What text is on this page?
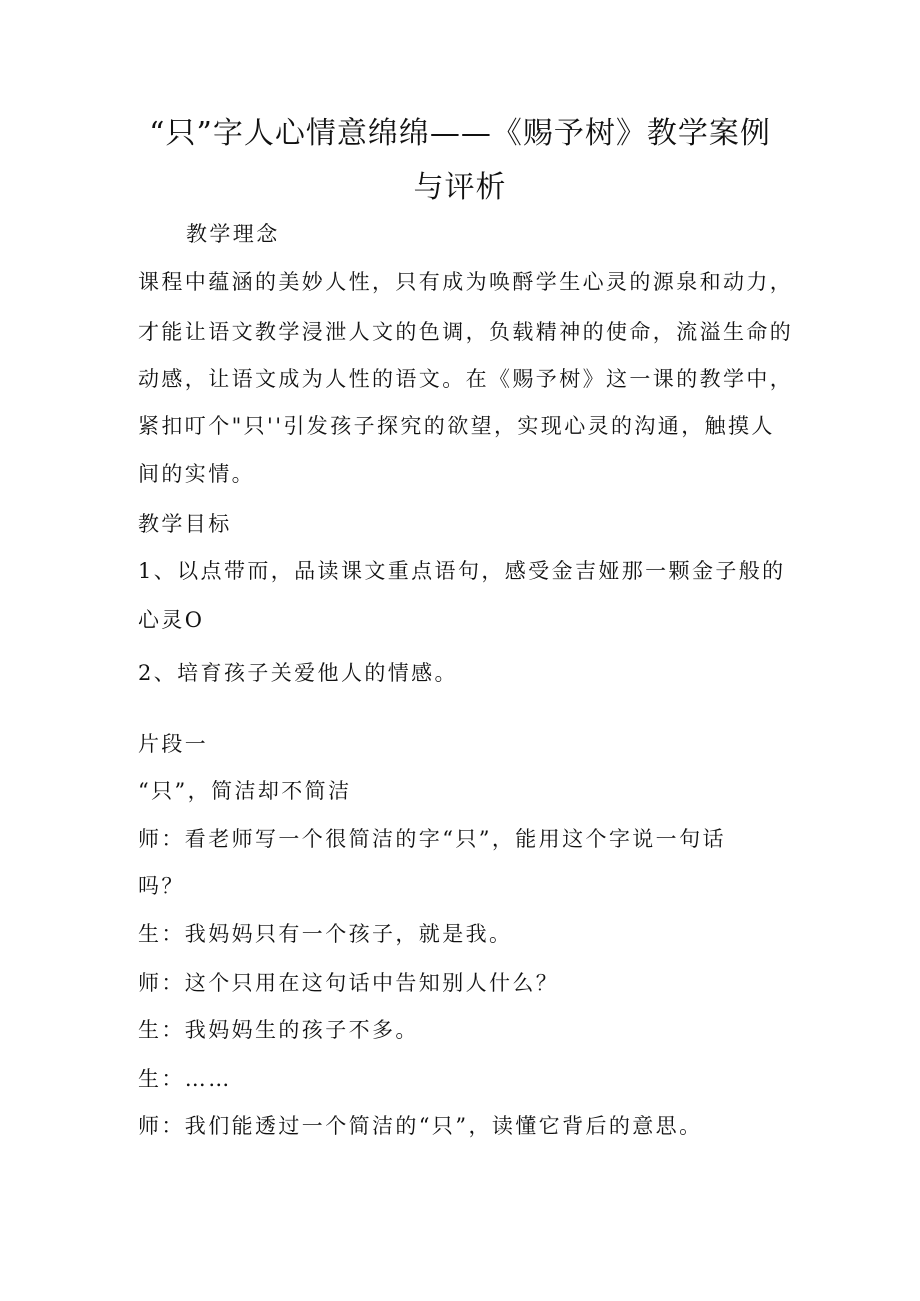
“只”字人心情意绵绵——《赐予树》教学案例
与评析
教学理念
课程中蕴涵的美妙人性，只有成为唤酹学生心灵的源泉和动力，
才能让语文教学浸泄人文的色调，负载精神的使命，流溢生命的
动感，让语文成为人性的语文。在《赐予树》这一课的教学中，
紧扣叮个"只''引发孩子探究的欲望，实现心灵的沟通，触摸人
间的实情。
教学目标
1、以点带而，品读课文重点语句，感受金吉娅那一颗金子般的
心灵O
2、培育孩子关爱他人的情感。
片段一
“只”，简洁却不简洁
师：看老师写一个很简洁的字“只”，能用这个字说一句话
吗？
生：我妈妈只有一个孩子，就是我。
师：这个只用在这句话中告知别人什么？
生：我妈妈生的孩子不多。
生：……
师：我们能透过一个简洁的“只”，读懂它背后的意思。
